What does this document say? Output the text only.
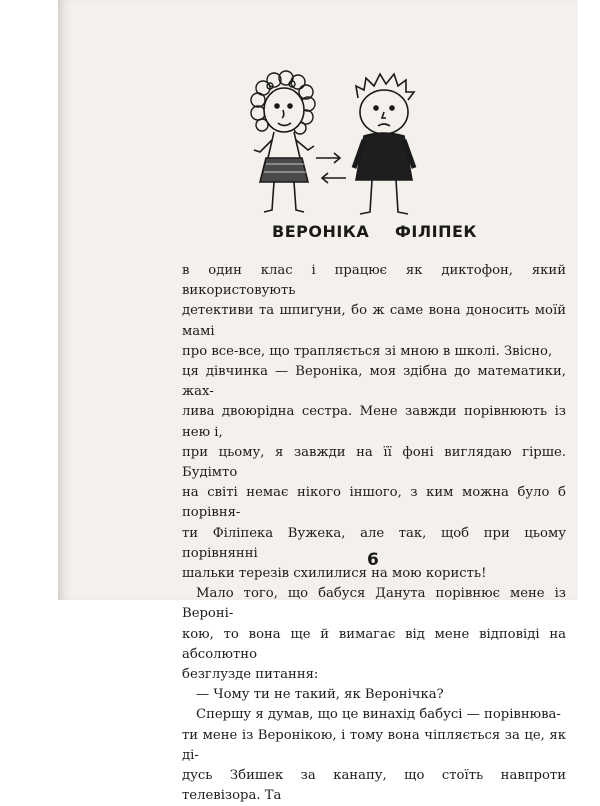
ВЕРОНІКА ФІЛІПЕК

в один клас і працює як диктофон, який використовують

детективи та шпигуни, бо ж саме вона доносить моїй мамі

про все-все, що трапляється зі мною в школі. Звісно,

ця дівчинка — Вероніка, моя здібна до математики, жах-

лива двоюрідна сестра. Мене завжди порівнюють із нею і,

при цьому, я завжди на її фоні виглядаю гірше. Будімто

на світі немає нікого іншого, з ким можна було б порівня-

ти Філіпека Вужека, але так, щоб при цьому порівнянні

шальки терезів схилилися на мою користь!

Мало того, що бабуся Данута порівнює мене із Веронi-

кою, то вона ще й вимагає від мене відповіді на абсолютно

безглузде питання:

— Чому ти не такий, як Веронічка?

Спершу я думав, що це винахід бабусі — порівнюва-

ти мене із Веронікою, і тому вона чіпляється за це, як ді-

дусь Збишек за канапу, що стоїть навпроти телевізора. Та

6
